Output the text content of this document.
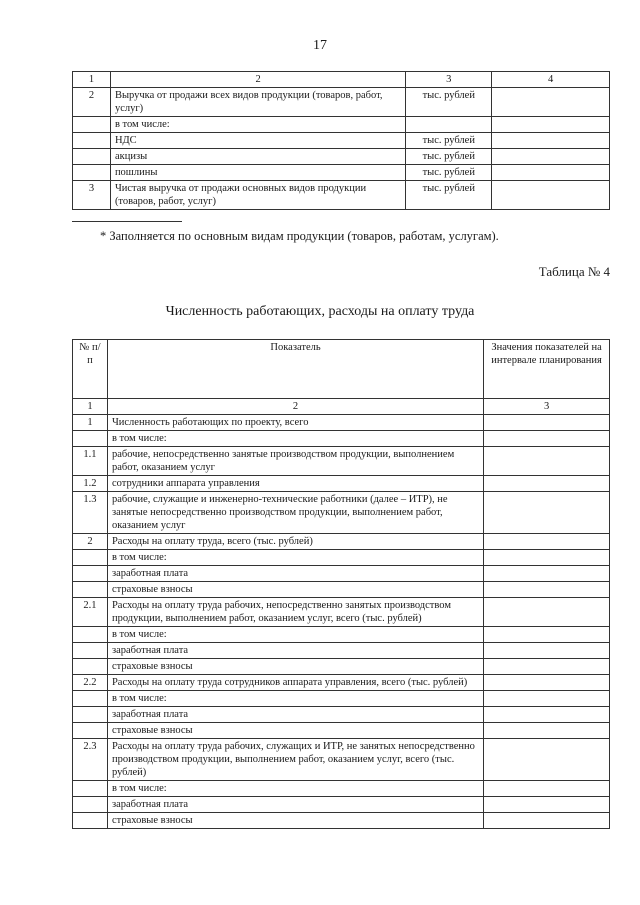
17
1	2	3	4
2	Выручка от продажи всех видов продукции (товаров, работ, услуг)	тыс. рублей	
	в том числе:		
	НДС	тыс. рублей	
	акцизы	тыс. рублей	
	пошлины	тыс. рублей	
3	Чистая выручка от продажи основных видов продукции (товаров, работ, услуг)	тыс. рублей	
* Заполняется по основным видам продукции (товаров, работам, услугам).
Таблица № 4
Численность работающих, расходы на оплату труда
№ п/п	Показатель	Значения показателей на интервале планирования
1	2	3
1	Численность работающих по проекту, всего	
	в том числе:	
1.1	рабочие, непосредственно занятые производством продукции, выполнением работ, оказанием услуг	
1.2	сотрудники аппарата управления	
1.3	рабочие, служащие и инженерно-технические работники (далее – ИТР), не занятые непосредственно производством продукции, выполнением работ, оказанием услуг	
2	Расходы на оплату труда, всего (тыс. рублей)	
	в том числе:	
	заработная плата	
	страховые взносы	
2.1	Расходы на оплату труда рабочих, непосредственно занятых производством продукции, выполнением работ, оказанием услуг, всего (тыс. рублей)	
	в том числе:	
	заработная плата	
	страховые взносы	
2.2	Расходы на оплату труда сотрудников аппарата управления, всего (тыс. рублей)	
	в том числе:	
	заработная плата	
	страховые взносы	
2.3	Расходы на оплату труда рабочих, служащих и ИТР, не занятых непосредственно производством продукции, выполнением работ, оказанием услуг, всего (тыс. рублей)	
	в том числе:	
	заработная плата	
	страховые взносы	
